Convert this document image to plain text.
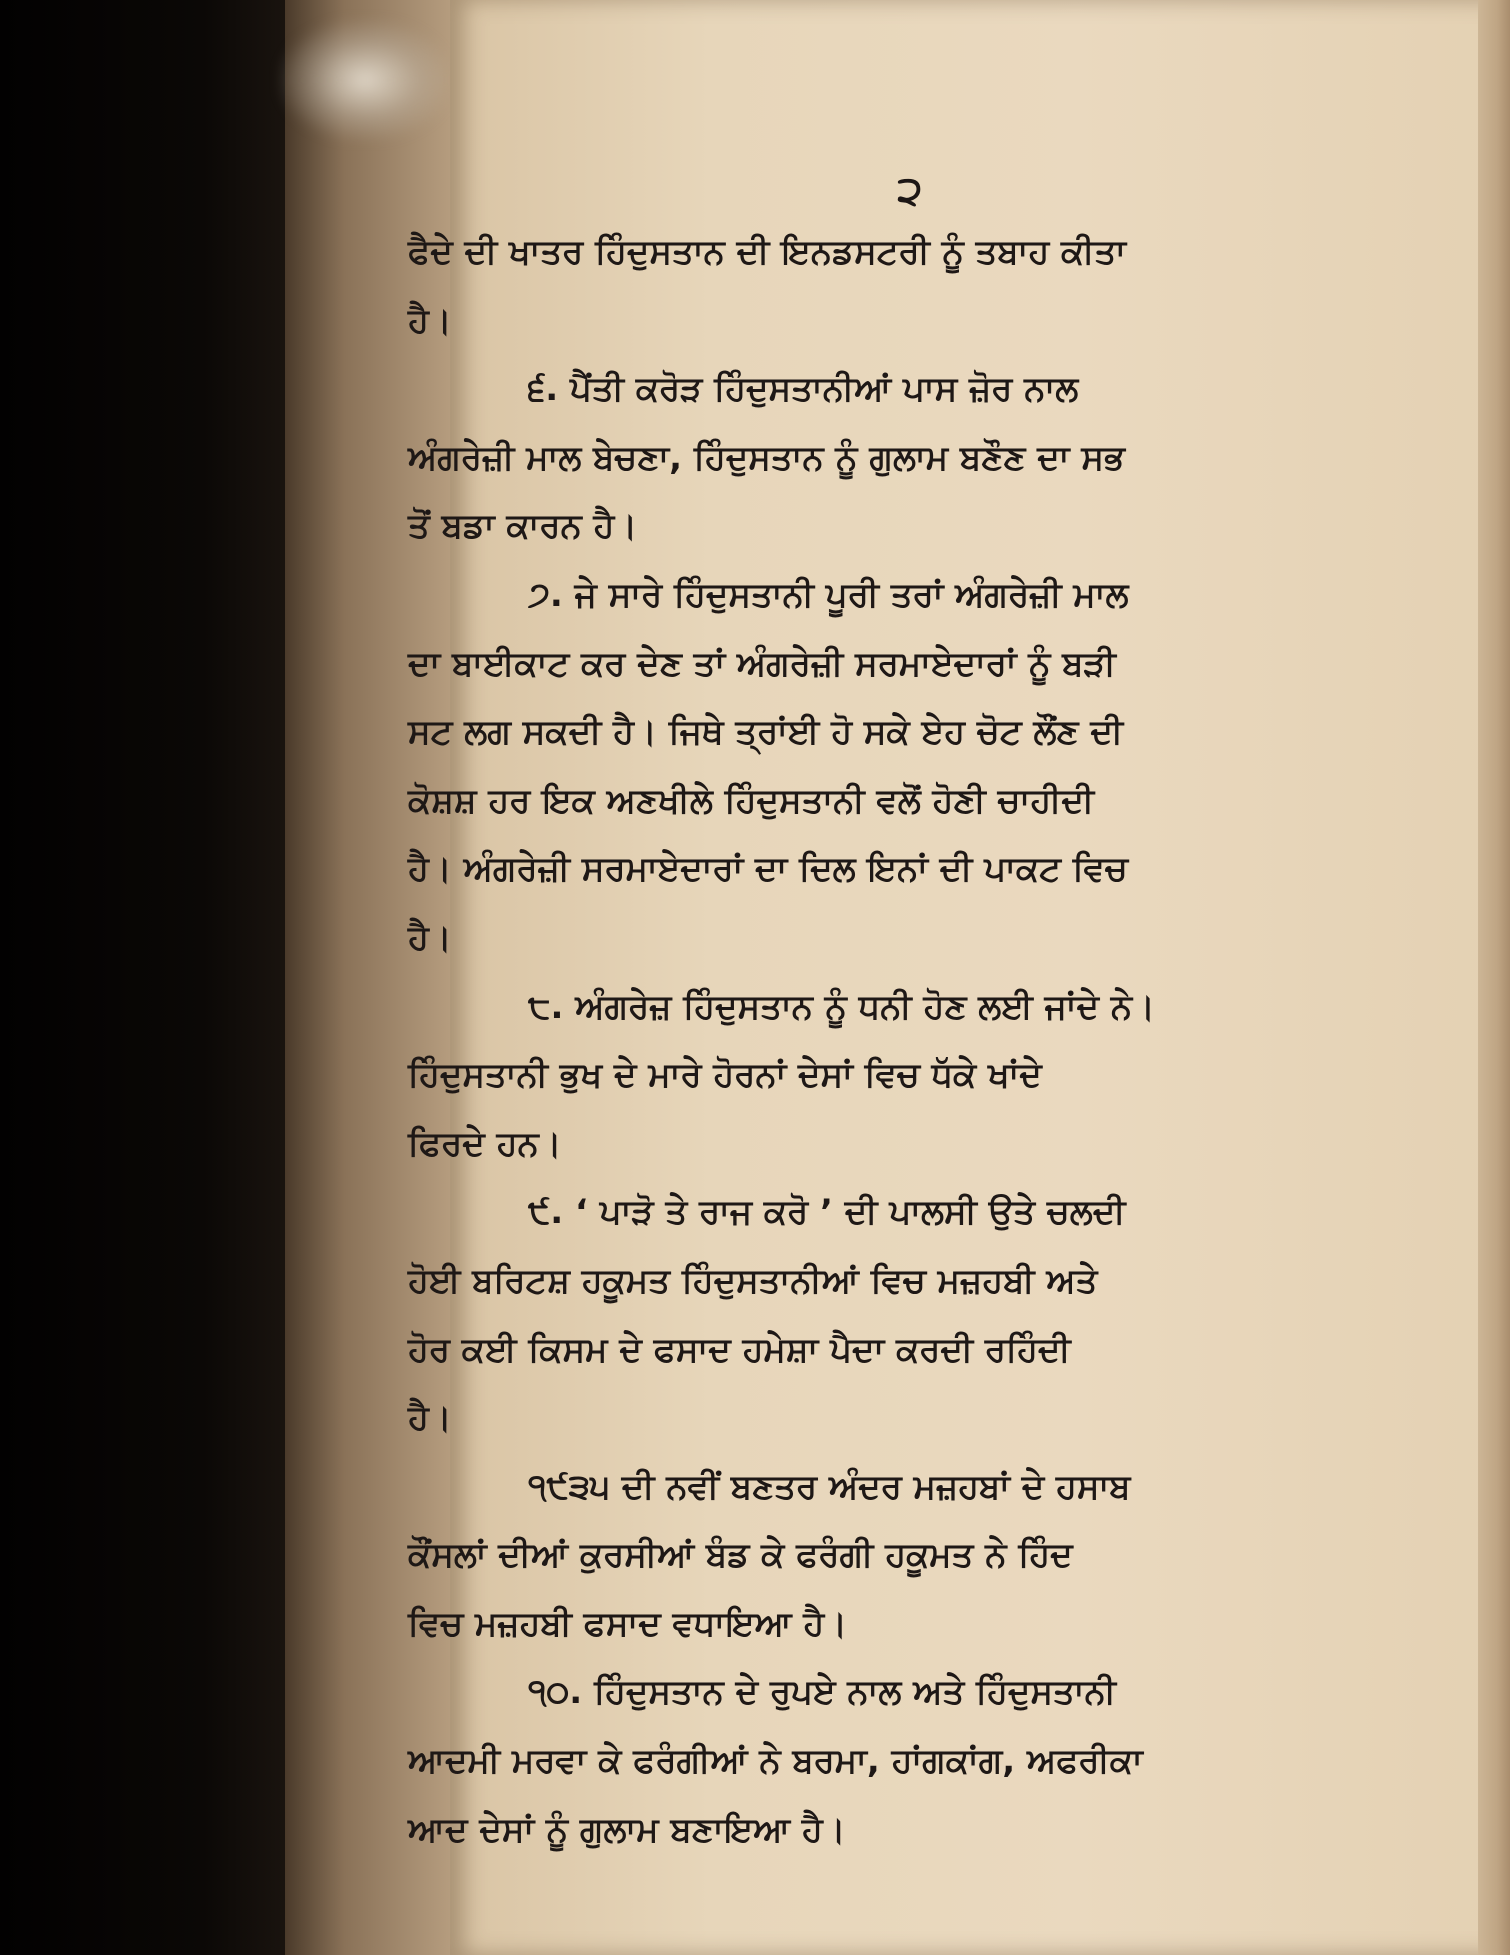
੨

ਫੈਦੇ ਦੀ ਖਾਤਰ ਹਿੰਦੁਸਤਾਨ ਦੀ ਇਨਡਸਟਰੀ ਨੂੰ ਤਬਾਹ ਕੀਤਾ

ਹੈ।

੬. ਪੈਂਤੀ ਕਰੋੜ ਹਿੰਦੁਸਤਾਨੀਆਂ ਪਾਸ ਜ਼ੋਰ ਨਾਲ

ਅੰਗਰੇਜ਼ੀ ਮਾਲ ਬੇਚਣਾ, ਹਿੰਦੁਸਤਾਨ ਨੂੰ ਗੁਲਾਮ ਬਣੌਣ ਦਾ ਸਭ

ਤੋਂ ਬਡਾ ਕਾਰਨ ਹੈ।

੭. ਜੇ ਸਾਰੇ ਹਿੰਦੁਸਤਾਨੀ ਪੂਰੀ ਤਰਾਂ ਅੰਗਰੇਜ਼ੀ ਮਾਲ

ਦਾ ਬਾਈਕਾਟ ਕਰ ਦੇਣ ਤਾਂ ਅੰਗਰੇਜ਼ੀ ਸਰਮਾਏਦਾਰਾਂ ਨੂੰ ਬੜੀ

ਸਟ ਲਗ ਸਕਦੀ ਹੈ। ਜਿਥੇ ਤ੍ਰਾਂਈ ਹੋ ਸਕੇ ਏਹ ਚੋਟ ਲੌਂਣ ਦੀ

ਕੋਸ਼ਸ਼ ਹਰ ਇਕ ਅਣਖੀਲੇ ਹਿੰਦੁਸਤਾਨੀ ਵਲੋਂ ਹੋਣੀ ਚਾਹੀਦੀ

ਹੈ। ਅੰਗਰੇਜ਼ੀ ਸਰਮਾਏਦਾਰਾਂ ਦਾ ਦਿਲ ਇਨਾਂ ਦੀ ਪਾਕਟ ਵਿਚ

ਹੈ।

੮. ਅੰਗਰੇਜ਼ ਹਿੰਦੁਸਤਾਨ ਨੂੰ ਧਨੀ ਹੋਣ ਲਈ ਜਾਂਦੇ ਨੇ।

ਹਿੰਦੁਸਤਾਨੀ ਭੁਖ ਦੇ ਮਾਰੇ ਹੋਰਨਾਂ ਦੇਸਾਂ ਵਿਚ ਧੱਕੇ ਖਾਂਦੇ

ਫਿਰਦੇ ਹਨ।

੯. ‘ ਪਾੜੋ ਤੇ ਰਾਜ ਕਰੋ ’ ਦੀ ਪਾਲਸੀ ਉਤੇ ਚਲਦੀ

ਹੋਈ ਬਰਿਟਸ਼ ਹਕੂਮਤ ਹਿੰਦੁਸਤਾਨੀਆਂ ਵਿਚ ਮਜ਼ਹਬੀ ਅਤੇ

ਹੋਰ ਕਈ ਕਿਸਮ ਦੇ ਫਸਾਦ ਹਮੇਸ਼ਾ ਪੈਦਾ ਕਰਦੀ ਰਹਿੰਦੀ

ਹੈ।

੧੯੩੫ ਦੀ ਨਵੀਂ ਬਣਤਰ ਅੰਦਰ ਮਜ਼ਹਬਾਂ ਦੇ ਹਸਾਬ

ਕੌਂਸਲਾਂ ਦੀਆਂ ਕੁਰਸੀਆਂ ਬੰਡ ਕੇ ਫਰੰਗੀ ਹਕੂਮਤ ਨੇ ਹਿੰਦ

ਵਿਚ ਮਜ਼ਹਬੀ ਫਸਾਦ ਵਧਾਇਆ ਹੈ।

੧੦. ਹਿੰਦੁਸਤਾਨ ਦੇ ਰੁਪਏ ਨਾਲ ਅਤੇ ਹਿੰਦੁਸਤਾਨੀ

ਆਦਮੀ ਮਰਵਾ ਕੇ ਫਰੰਗੀਆਂ ਨੇ ਬਰਮਾ, ਹਾਂਗਕਾਂਗ, ਅਫਰੀਕਾ

ਆਦ ਦੇਸਾਂ ਨੂੰ ਗੁਲਾਮ ਬਣਾਇਆ ਹੈ।
